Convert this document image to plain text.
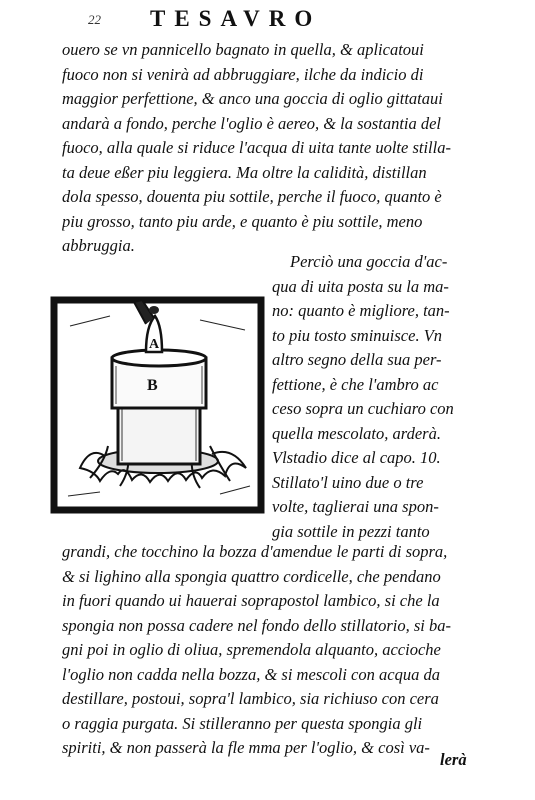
22 TESAVRO
ouero se vn pannicello bagnato in quella, & aplicatoui
fuoco non si venirà ad abbruggiare, ilche da indicio di
maggior perfettione, & anco una goccia di oglio gittataui
andarà a fondo, perche l'oglio è aereo, & la sostantia del
fuoco, alla quale si riduce l'acqua di uita tante uolte stilla-
ta deue eßer piu leggiera. Ma oltre la calidità, distillan
dola spesso, douenta piu sottile, perche il fuoco, quanto è
piu grosso, tanto piu arde, e quanto è piu sottile, meno
abbruggia.
A
B
Perciò una goccia d'ac-
qua di uita posta su la ma-
no: quanto è migliore, tan-
to piu tosto sminuisce. Vn
altro segno della sua per-
fettione, è che l'ambro ac
ceso sopra un cuchiaro con
quella mescolato, arderà.
Vlstadio dice al capo. 10.
Stillato'l uino due o tre
volte, taglierai una spon-
gia sottile in pezzi tanto
grandi, che tocchino la bozza d'amendue le parti di sopra,
& si lighino alla spongia quattro cordicelle, che pendano
in fuori quando ui hauerai soprapostol lambico, si che la
spongia non possa cadere nel fondo dello stillatorio, si ba-
gni poi in oglio di oliua, spremendola alquanto, accioche
l'oglio non cadda nella bozza, & si mescoli con acqua da
destillare, postoui, sopra'l lambico, sia richiuso con cera
o raggia purgata. Si stilleranno per questa spongia gli
spiriti, & non passerà la fle mma per l'oglio, & così va-
lerà
